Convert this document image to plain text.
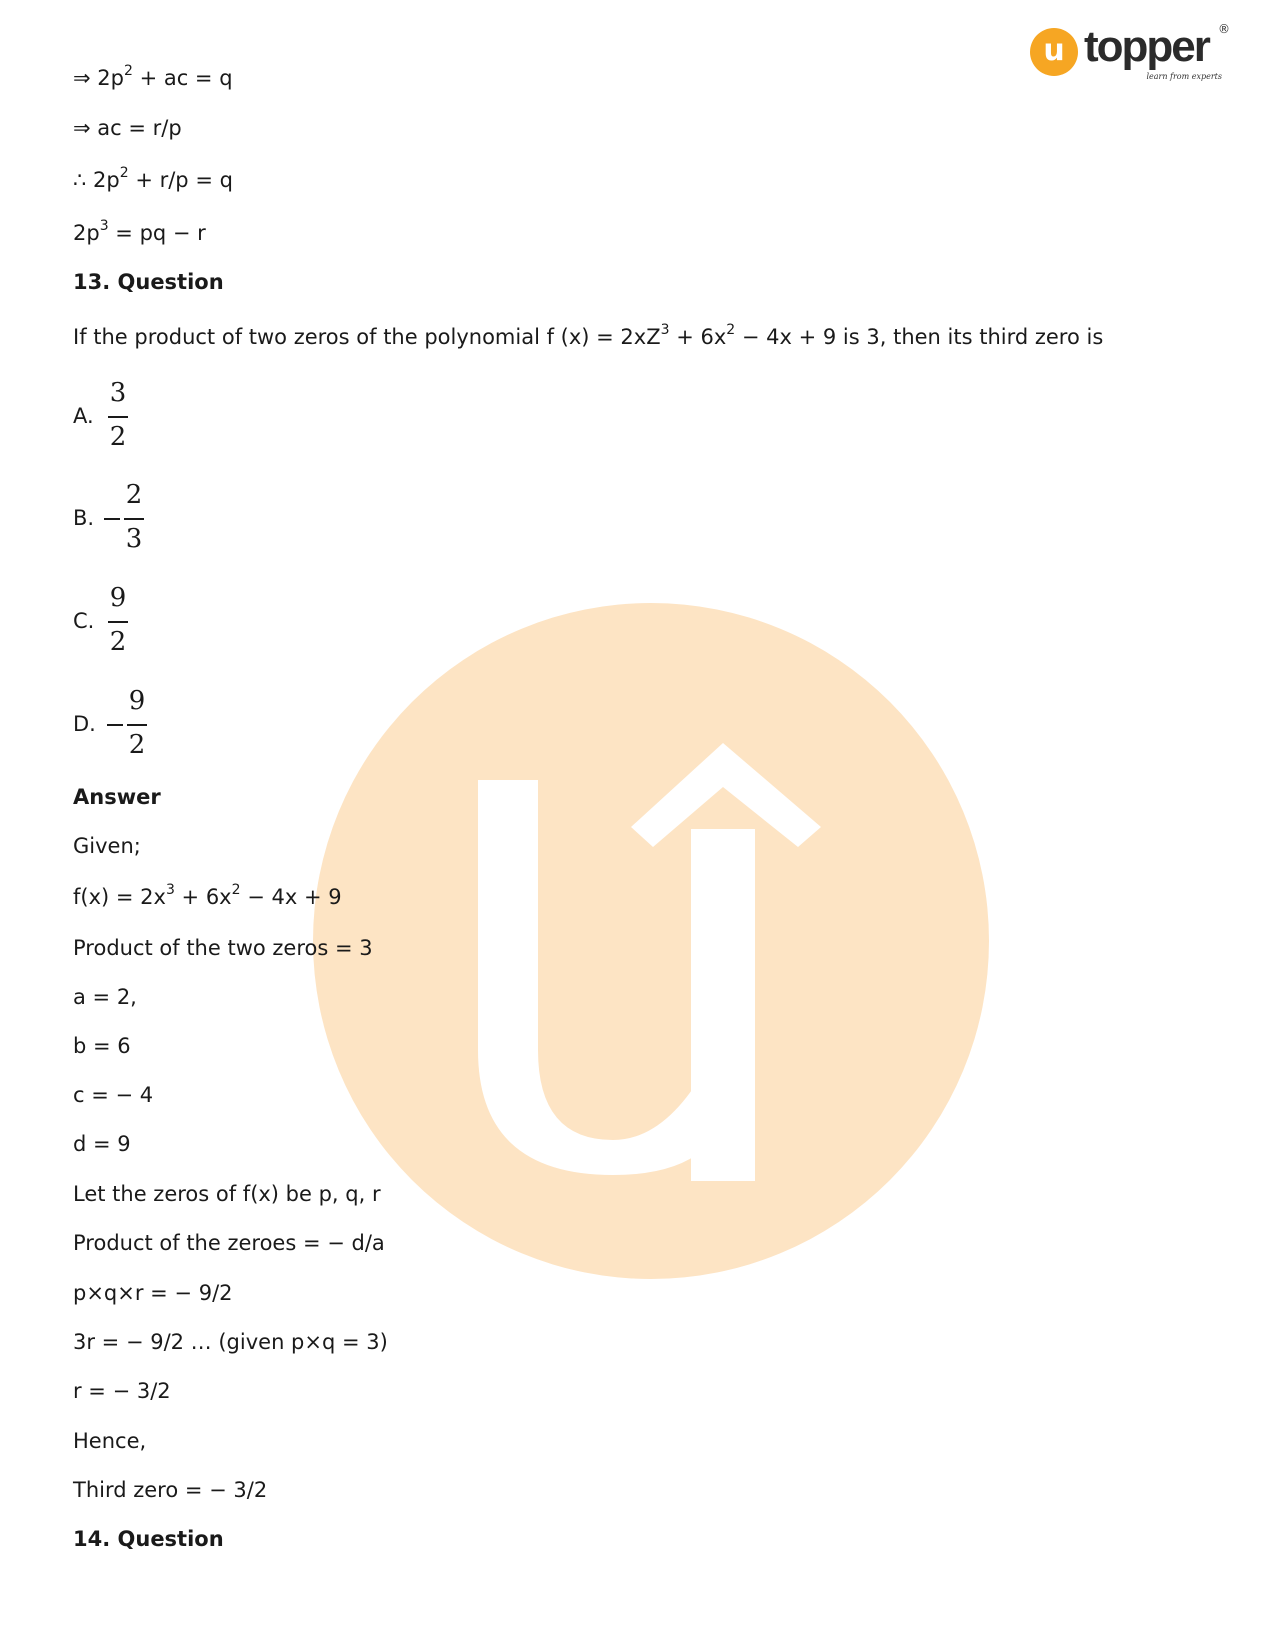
u topper ®
learn from experts
⇒ $2p^2$ + ac = q
⇒ ac = r/p
∴ $2p^2 + r/p = q$
$2p^3$ = pq − r
13. Question
If the product of two zeros of the polynomial f $(x) = 2xZ^3 + 6x^2 - 4x + 9$ is 3, then its third zero is
A.
3
2
B.
2
3
C.
9
2
D.
9
2
Answer
Given;
$f(x) = 2x^3 + 6x^2 - 4x + 9$
Product of the two zeros = 3
a = 2,
b = 6
c = − 4
d = 9
Let the zeros of f(x) be p, q, r
Product of the zeroes = − d/a
p×q×r = − 9/2
3r = − 9/2 … (given p×q = 3)
r = − 3/2
Hence,
Third zero = − 3/2
14. Question
